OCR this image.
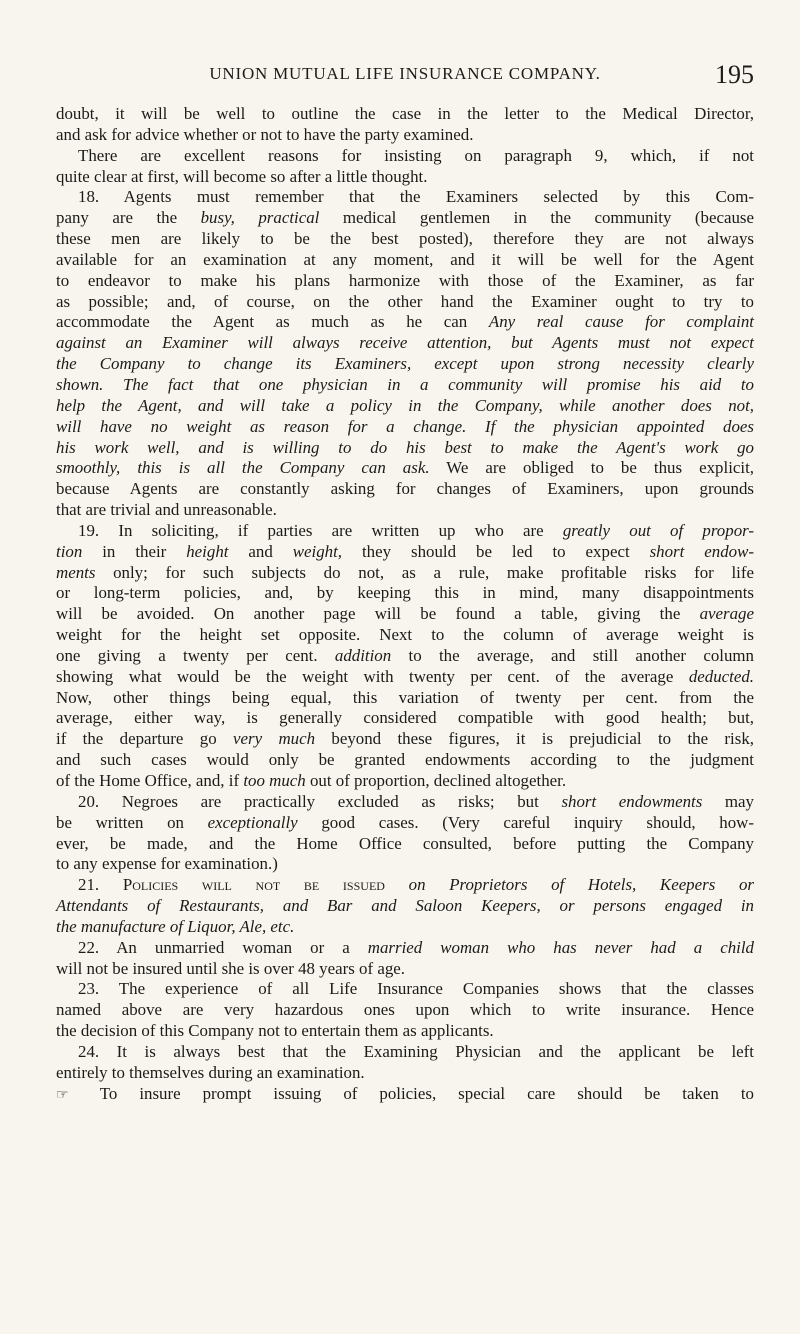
UNION MUTUAL LIFE INSURANCE COMPANY.	195
doubt, it will be well to outline the case in the letter to the Medical Director,
and ask for advice whether or not to have the party examined.
There are excellent reasons for insisting on paragraph 9, which, if not
quite clear at first, will become so after a little thought.
18. Agents must remember that the Examiners selected by this Com-
pany are the busy, practical medical gentlemen in the community (because
these men are likely to be the best posted), therefore they are not always
available for an examination at any moment, and it will be well for the Agent
to endeavor to make his plans harmonize with those of the Examiner, as far
as possible; and, of course, on the other hand the Examiner ought to try to
accommodate the Agent as much as he can Any real cause for complaint
against an Examiner will always receive attention, but Agents must not expect
the Company to change its Examiners, except upon strong necessity clearly
shown. The fact that one physician in a community will promise his aid to
help the Agent, and will take a policy in the Company, while another does not,
will have no weight as reason for a change. If the physician appointed does
his work well, and is willing to do his best to make the Agent's work go
smoothly, this is all the Company can ask. We are obliged to be thus explicit,
because Agents are constantly asking for changes of Examiners, upon grounds
that are trivial and unreasonable.
19. In soliciting, if parties are written up who are greatly out of propor-
tion in their height and weight, they should be led to expect short endow-
ments only; for such subjects do not, as a rule, make profitable risks for life
or long-term policies, and, by keeping this in mind, many disappointments
will be avoided. On another page will be found a table, giving the average
weight for the height set opposite. Next to the column of average weight is
one giving a twenty per cent. addition to the average, and still another column
showing what would be the weight with twenty per cent. of the average deducted.
Now, other things being equal, this variation of twenty per cent. from the
average, either way, is generally considered compatible with good health; but,
if the departure go very much beyond these figures, it is prejudicial to the risk,
and such cases would only be granted endowments according to the judgment
of the Home Office, and, if too much out of proportion, declined altogether.
20. Negroes are practically excluded as risks; but short endowments may
be written on exceptionally good cases. (Very careful inquiry should, how-
ever, be made, and the Home Office consulted, before putting the Company
to any expense for examination.)
21. Policies will not be issued on Proprietors of Hotels, Keepers or
Attendants of Restaurants, and Bar and Saloon Keepers, or persons engaged in
the manufacture of Liquor, Ale, etc.
22. An unmarried woman or a married woman who has never had a child
will not be insured until she is over 48 years of age.
23. The experience of all Life Insurance Companies shows that the classes
named above are very hazardous ones upon which to write insurance. Hence
the decision of this Company not to entertain them as applicants.
24. It is always best that the Examining Physician and the applicant be left
entirely to themselves during an examination.
☞ To insure prompt issuing of policies, special care should be taken to
